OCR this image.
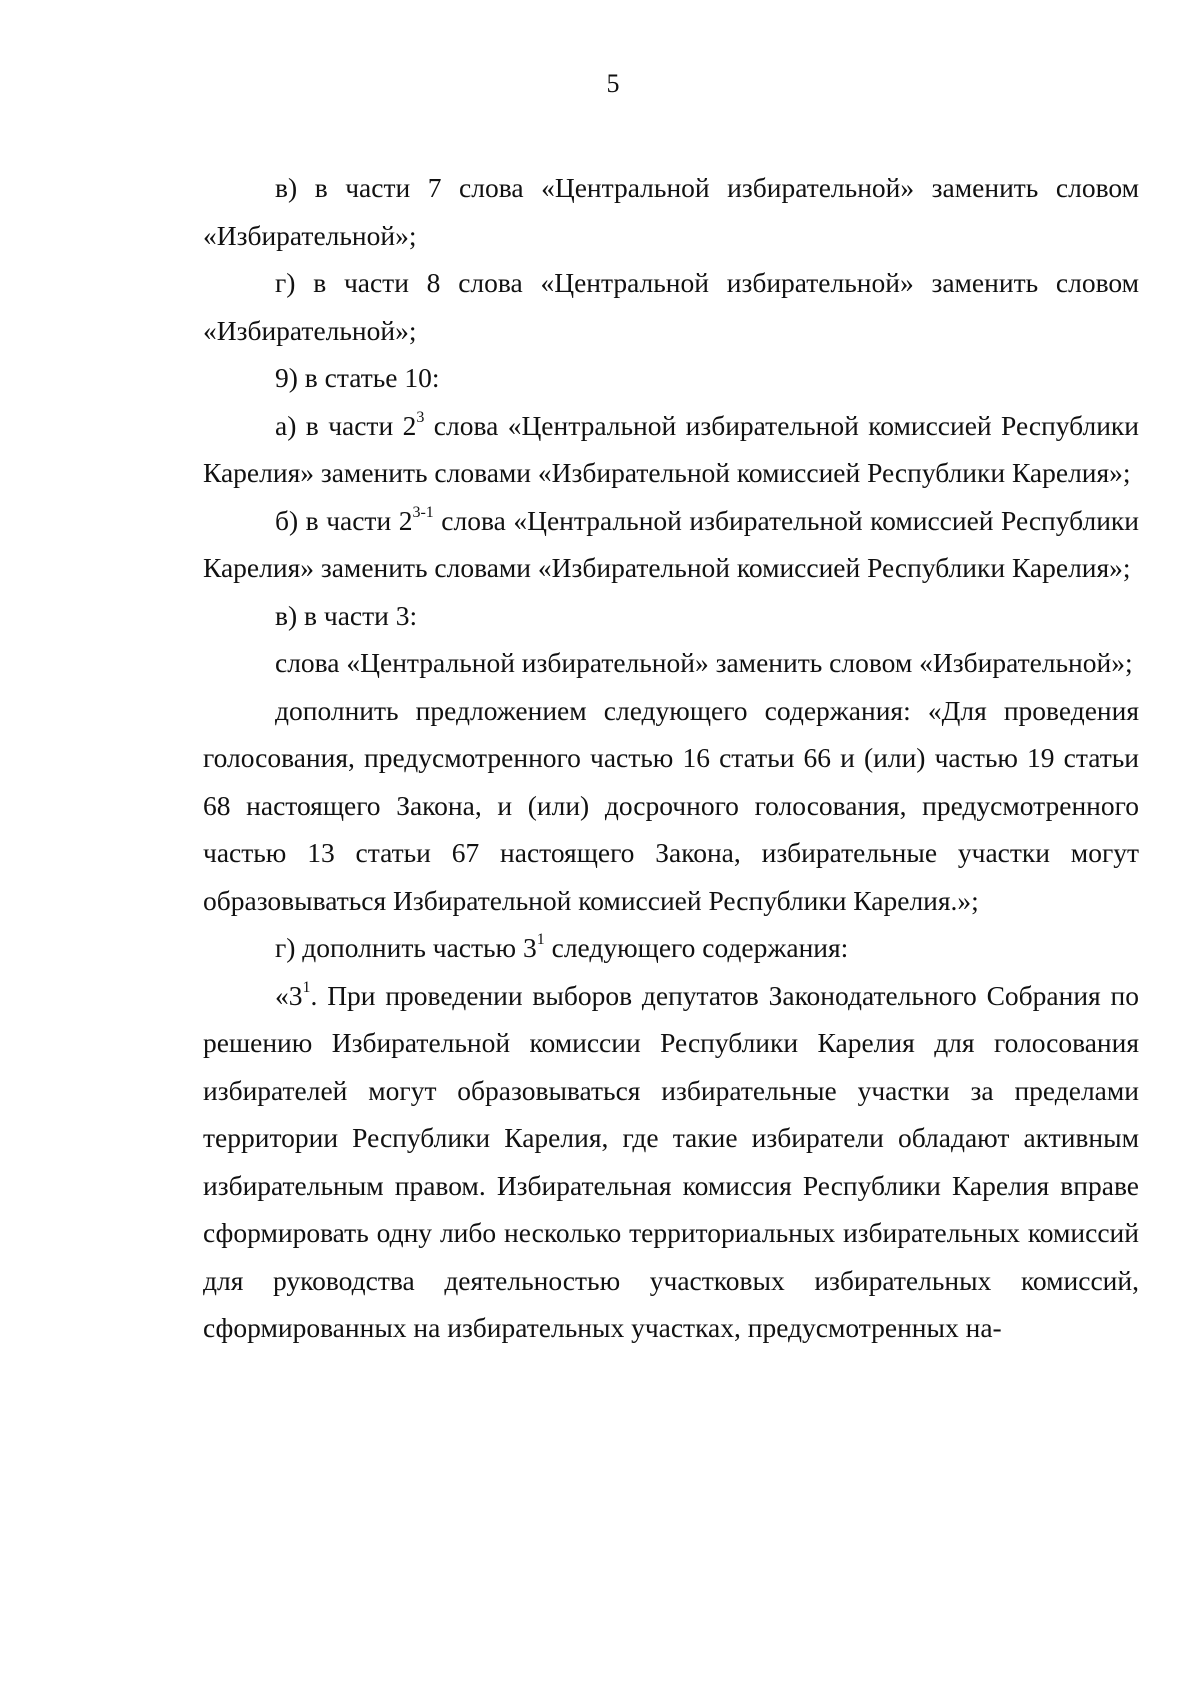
5

в) в части 7 слова «Центральной избирательной» заменить словом «Избирательной»;

г) в части 8 слова «Центральной избирательной» заменить словом «Избирательной»;

9) в статье 10:

а) в части $2^3$ слова «Центральной избирательной комиссией Республики Карелия» заменить словами «Избирательной комиссией Республики Карелия»;

б) в части 2$^{3-1}$ слова «Центральной избирательной комиссией Республики Карелия» заменить словами «Избирательной комиссией Республики Карелия»;

в) в части 3:

слова «Центральной избирательной» заменить словом «Избирательной»;

дополнить предложением следующего содержания: «Для проведения голосования, предусмотренного частью 16 статьи 66 и (или) частью 19 статьи 68 настоящего Закона, и (или) досрочного голосования, предусмотренного частью 13 статьи 67 настоящего Закона, избирательные участки могут образовываться Избирательной комиссией Республики Карелия.»;

г) дополнить частью $3^1$ следующего содержания:

«$3^1$. При проведении выборов депутатов Законодательного Собрания по решению Избирательной комиссии Республики Карелия для голосования избирателей могут образовываться избирательные участки за пределами территории Республики Карелия, где такие избиратели обладают активным избирательным правом. Избирательная комиссия Республики Карелия вправе сформировать одну либо несколько территориальных избирательных комиссий для руководства деятельностью участковых избирательных комиссий, сформированных на избирательных участках, предусмотренных на-
